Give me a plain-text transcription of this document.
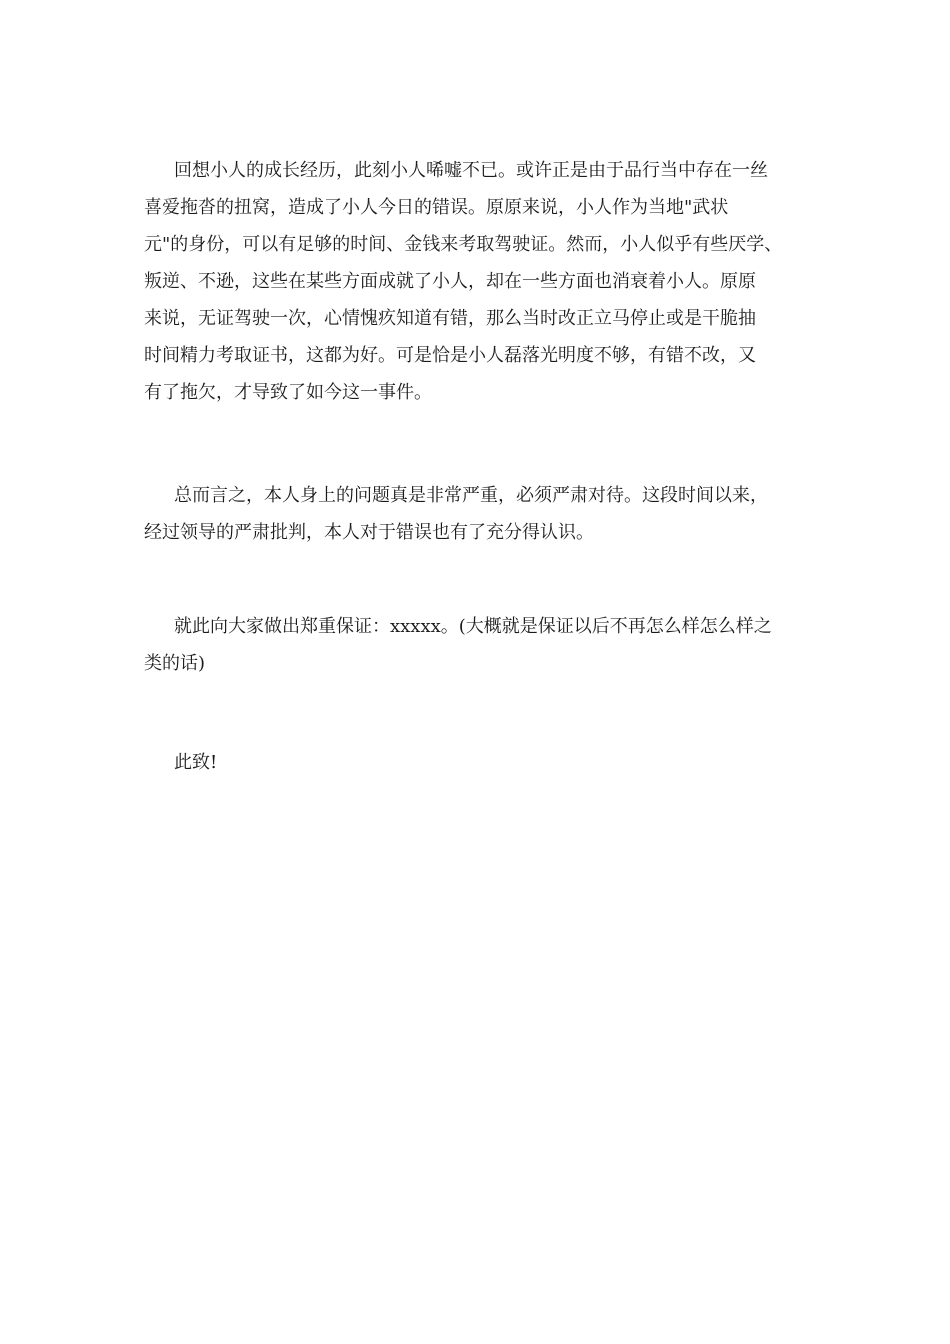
回想小人的成长经历，此刻小人唏嘘不已。或许正是由于品行当中存在一丝
喜爱拖沓的扭窝，造成了小人今日的错误。原原来说，小人作为当地"武状
元"的身份，可以有足够的时间、金钱来考取驾驶证。然而，小人似乎有些厌学、
叛逆、不逊，这些在某些方面成就了小人，却在一些方面也消衰着小人。原原
来说，无证驾驶一次，心情愧疚知道有错，那么当时改正立马停止或是干脆抽
时间精力考取证书，这都为好。可是恰是小人磊落光明度不够，有错不改，又
有了拖欠，才导致了如今这一事件。
总而言之，本人身上的问题真是非常严重，必须严肃对待。这段时间以来，
经过领导的严肃批判，本人对于错误也有了充分得认识。
就此向大家做出郑重保证：xxxxx。(大概就是保证以后不再怎么样怎么样之
类的话)
此致!
